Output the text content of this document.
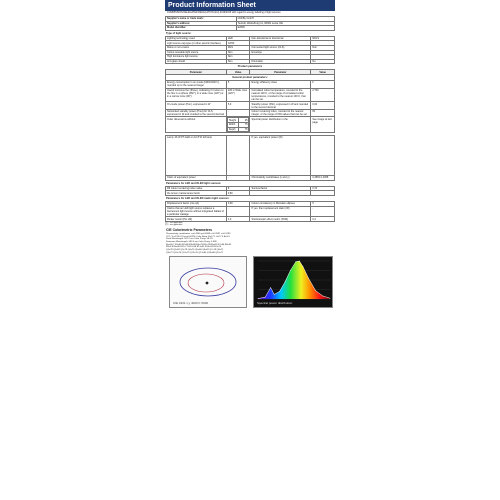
Product Information Sheet
COMMISSION DELEGATED REGULATION (EU) 2019/2015 with regard to energy labelling of light sources
Supplier's name or trade mark:	ChiFBy GmbH
Supplier's address:	Teutroll, Watzelburg 11, 06381 Leina, DE
Model identifier:	E2645
Type of light source:
Lighting technology used	LED	Non-directional or directional	NDLS
Light source cap-type (or other electric interface)	GX53		
Mains or non-mains	MLS	Connected light source (CLS)	Non
Colour-tuneable light source	Non	Envelope	
High luminance light source	Non		
Anti-glare shield	Non	Dimmable	No
Product parameters
Parameter	Value	Parameter	Value
General product parameters:
Energy consumption in on-mode (kWh/1000 h), rounded up to the nearest integer	5	Energy efficiency class	F
Useful luminous flux (Φuse), indicating if it refers to the flux in a sphere (360°), in a wide cone (120°) or in a narrow cone (90°)	226 in Wide cone (120°)	Correlated colour temperature, rounded to the nearest 100 K, or the range of correlated colour temperatures, rounded to the nearest 100 K, that can be set	2 700
On-mode power (Pon), expressed in W	5,0	Standby power (Psb), expressed in W and rounded to the second decimal	0,00
Networked standby power (Pnet) for CLS, expressed in W and rounded to the second decimal	-	Colour rendering index, rounded to the nearest integer, or the range of CRI-values that can be set	80
Outer dimensions without		Height	25
Width	75
Depth	75
	Spectral power distribution in the	See image at last page
Lamp: 26 W PT-LED on 10.8 W full lamp		If yes, equivalent power (W)	
Claim of equivalent power	-	Chromaticity coordinates (x and y)	0,4560 0,4068
Parameters for LED and OLED light sources:
R9 colour rendering index value	8	Survival factor	0,70
the lumen maintenance factor	0,80		
Parameters for LED and OLED mains light sources:
Displacement factor (cos φ1)	0,90	Colour consistency in McAdam ellipses	5
Claims that an LED light source replaces a fluorescent light source without integrated ballast of a particular wattage	-	If yes, then replacement claim (W)	-
Flicker metric (Pst LM)	1,0	Stroboscopic effect metric (SVM)	0,4
(1)'-': not applicable;
(2)'-': not applicable
CIE Colorimetric Parameters
Chromaticity coordinates: x=0.4560 y=0.4068 u'=0.2587 v'=0.5193
CCT: Tc=2700 K Duv=0.00255 Color Ratio: R=17.1 G=77.0 B=5.9
Peak Wavelength: 597.2 nm Color Purity: 58.2%
Dominant Wavelength: 582.4 nm Color Purity: 0.568
Ra=80.7 R1=80 R2=86 R3=88 R4=79 R5=78 R6=81 R7=86 R8=62
R9=8 R10=68 R11=77 R12=58 R13=81 R14=94 R15=74
Q1=78 Q2=82 Q3=79 Q4=75 Q5=80 Q6=82 Q7=79 Q8=71
Q9=72 Q10=76 Q11=73 Q12=70 Q13=80 Q14=88 Q15=77
CIE 1931 x,y 4000 K 5000	Spectral power distribution
